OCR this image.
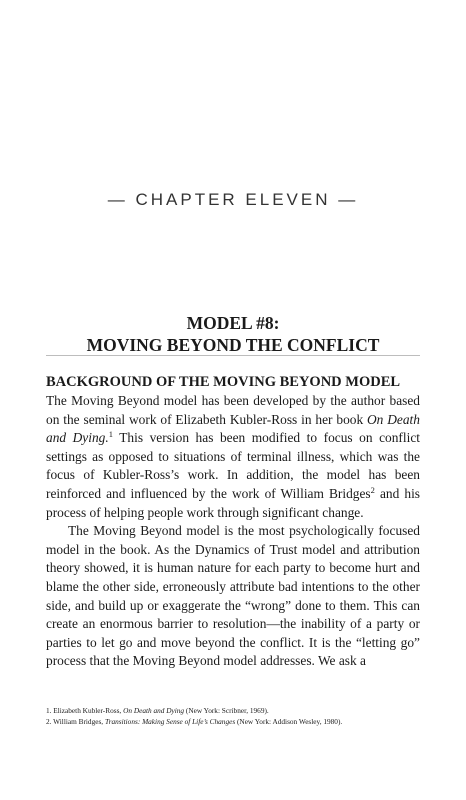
— CHAPTER ELEVEN —
MODEL #8:
MOVING BEYOND THE CONFLICT
BACKGROUND OF THE MOVING BEYOND MODEL

The Moving Beyond model has been developed by the author based on the seminal work of Elizabeth Kubler-Ross in her book On Death and Dying.$^1$ This version has been modified to focus on conflict settings as opposed to situations of terminal illness, which was the focus of Kubler-Ross’s work. In addition, the model has been reinforced and influenced by the work of William Bridges$^2$ and his process of helping people work through significant change.

The Moving Beyond model is the most psychologically focused model in the book. As the Dynamics of Trust model and attribution theory showed, it is human nature for each party to become hurt and blame the other side, erroneously attribute bad intentions to the other side, and build up or exaggerate the “wrong” done to them. This can create an enormous barrier to resolution—the inability of a party or parties to let go and move beyond the conflict. It is the “letting go” process that the Moving Beyond model addresses. We ask a

1. Elizabeth Kubler-Ross, On Death and Dying (New York: Scribner, 1969).
2. William Bridges, Transitions: Making Sense of Life’s Changes (New York: Addison Wesley, 1980).
